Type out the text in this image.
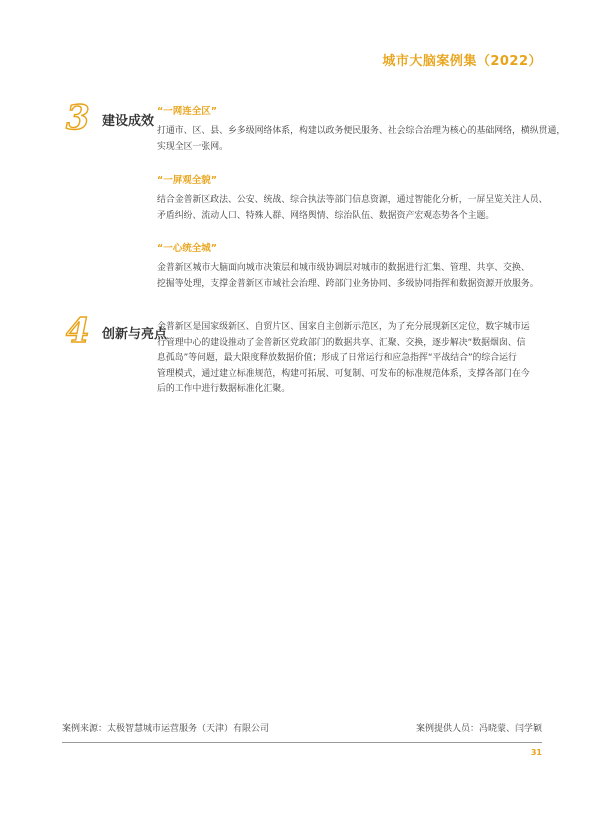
城市大脑案例集（2022）
3 建设成效
“一网连全区”

打通市、区、县、乡多级网络体系，构建以政务便民服务、社会综合治理为核心的基础网络，横纵贯通，

实现全区一张网。

“一屏观全貌”

结合金普新区政法、公安、统战、综合执法等部门信息资源，通过智能化分析，一屏呈览关注人员、

矛盾纠纷、流动人口、特殊人群、网络舆情、综治队伍、数据资产宏观态势各个主题。

“一心统全城”

金普新区城市大脑面向城市决策层和城市级协调层对城市的数据进行汇集、管理、共享、交换、

挖掘等处理，支撑金普新区市域社会治理、跨部门业务协同、多级协同指挥和数据资源开放服务。

4 创新与亮点

金普新区是国家级新区、自贸片区、国家自主创新示范区，为了充分展现新区定位，数字城市运

行管理中心的建设推动了金普新区党政部门的数据共享、汇聚、交换，逐步解决“数据烟囱、信

息孤岛”等问题，最大限度释放数据价值；形成了日常运行和应急指挥“平战结合”的综合运行

管理模式，通过建立标准规范，构建可拓展、可复制、可发布的标准规范体系，支撑各部门在今

后的工作中进行数据标准化汇聚。

案例来源：太极智慧城市运营服务（天津）有限公司	案例提供人员：冯晓蒙、闫学颖
31
